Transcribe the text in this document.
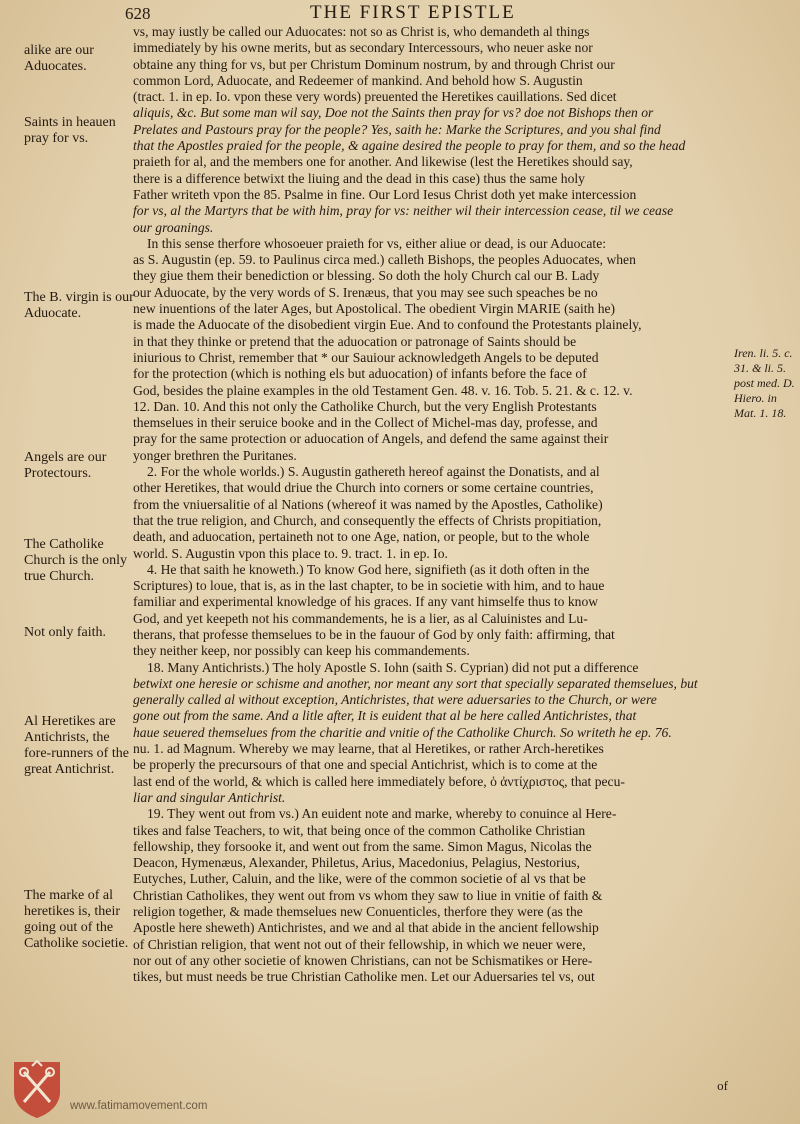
628	THE FIRST EPISTLE
alike are our Aduocates.
Saints in heauen pray for vs.
The B. virgin is our Aduocate.
Angels are our Protectours.
The Catholike Church is the only true Church.
Not only faith.
Al Heretikes are Antichrists, the fore-runners of the great Antichrist.
The marke of al heretikes is, their going out of the Catholike societie.
Iren. li. 5. c. 31. & li. 5. post med. D. Hiero. in Mat. 1. 18.
vs, may iustly be called our Aduocates: not so as Christ is, who demandeth al things
immediately by his owne merits, but as secondary Intercessours, who neuer aske nor
obtaine any thing for vs, but per Christum Dominum nostrum, by and through Christ our
common Lord, Aduocate, and Redeemer of mankind. And behold how S. Augustin
(tract. 1. in ep. Io. vpon these very words) preuented the Heretikes cauillations. Sed dicet
aliquis, &c. But some man wil say, Doe not the Saints then pray for vs? doe not Bishops then or
Prelates and Pastours pray for the people? Yes, saith he: Marke the Scriptures, and you shal find
that the Apostles praied for the people, & againe desired the people to pray for them, and so the head
praieth for al, and the members one for another. And likewise (lest the Heretikes should say,
there is a difference betwixt the liuing and the dead in this case) thus the same holy
Father writeth vpon the 85. Psalme in fine. Our Lord Iesus Christ doth yet make intercession
for vs, al the Martyrs that be with him, pray for vs: neither wil their intercession cease, til we cease
our groanings.
In this sense therfore whosoeuer praieth for vs, either aliue or dead, is our Aduocate:
as S. Augustin (ep. 59. to Paulinus circa med.) calleth Bishops, the peoples Aduocates, when
they giue them their benediction or blessing. So doth the holy Church cal our B. Lady
our Aduocate, by the very words of S. Irenæus, that you may see such speaches be no
new inuentions of the later Ages, but Apostolical. The obedient Virgin MARIE (saith he)
is made the Aduocate of the disobedient virgin Eue. And to confound the Protestants plainely,
in that they thinke or pretend that the aduocation or patronage of Saints should be
iniurious to Christ, remember that * our Sauiour acknowledgeth Angels to be deputed
for the protection (which is nothing els but aduocation) of infants before the face of
God, besides the plaine examples in the old Testament Gen. 48. v. 16. Tob. 5. 21. & c. 12. v.
12. Dan. 10. And this not only the Catholike Church, but the very English Protestants
themselues in their seruice booke and in the Collect of Michel-mas day, professe, and
pray for the same protection or aduocation of Angels, and defend the same against their
yonger brethren the Puritanes.
2. For the whole worlds.) S. Augustin gathereth hereof against the Donatists, and al
other Heretikes, that would driue the Church into corners or some certaine countries,
from the vniuersalitie of al Nations (whereof it was named by the Apostles, Catholike)
that the true religion, and Church, and consequently the effects of Christs propitiation,
death, and aduocation, pertaineth not to one Age, nation, or people, but to the whole
world. S. Augustin vpon this place to. 9. tract. 1. in ep. Io.
4. He that saith he knoweth.) To know God here, signifieth (as it doth often in the
Scriptures) to loue, that is, as in the last chapter, to be in societie with him, and to haue
familiar and experimental knowledge of his graces. If any vant himselfe thus to know
God, and yet keepeth not his commandements, he is a lier, as al Caluinistes and Lu-
therans, that professe themselues to be in the fauour of God by only faith: affirming, that
they neither keep, nor possibly can keep his commandements.
18. Many Antichrists.) The holy Apostle S. Iohn (saith S. Cyprian) did not put a difference
betwixt one heresie or schisme and another, nor meant any sort that specially separated themselues, but
generally called al without exception, Antichristes, that were aduersaries to the Church, or were
gone out from the same. And a litle after, It is euident that al be here called Antichristes, that
haue seuered themselues from the charitie and vnitie of the Catholike Church. So writeth he ep. 76.
nu. 1. ad Magnum. Whereby we may learne, that al Heretikes, or rather Arch-heretikes
be properly the precursours of that one and special Antichrist, which is to come at the
last end of the world, & which is called here immediately before, ὁ ἀντίχριστος, that pecu-
liar and singular Antichrist.
19. They went out from vs.) An euident note and marke, whereby to conuince al Here-
tikes and false Teachers, to wit, that being once of the common Catholike Christian
fellowship, they forsooke it, and went out from the same. Simon Magus, Nicolas the
Deacon, Hymenæus, Alexander, Philetus, Arius, Macedonius, Pelagius, Nestorius,
Eutyches, Luther, Caluin, and the like, were of the common societie of al vs that be
Christian Catholikes, they went out from vs whom they saw to liue in vnitie of faith &
religion together, & made themselues new Conuenticles, therfore they were (as the
Apostle here sheweth) Antichristes, and we and al that abide in the ancient fellowship
of Christian religion, that went not out of their fellowship, in which we neuer were,
nor out of any other societie of knowen Christians, can not be Schismatikes or Here-
tikes, but must needs be true Christian Catholike men. Let our Aduersaries tel vs, out
of
www.fatimamovement.com
